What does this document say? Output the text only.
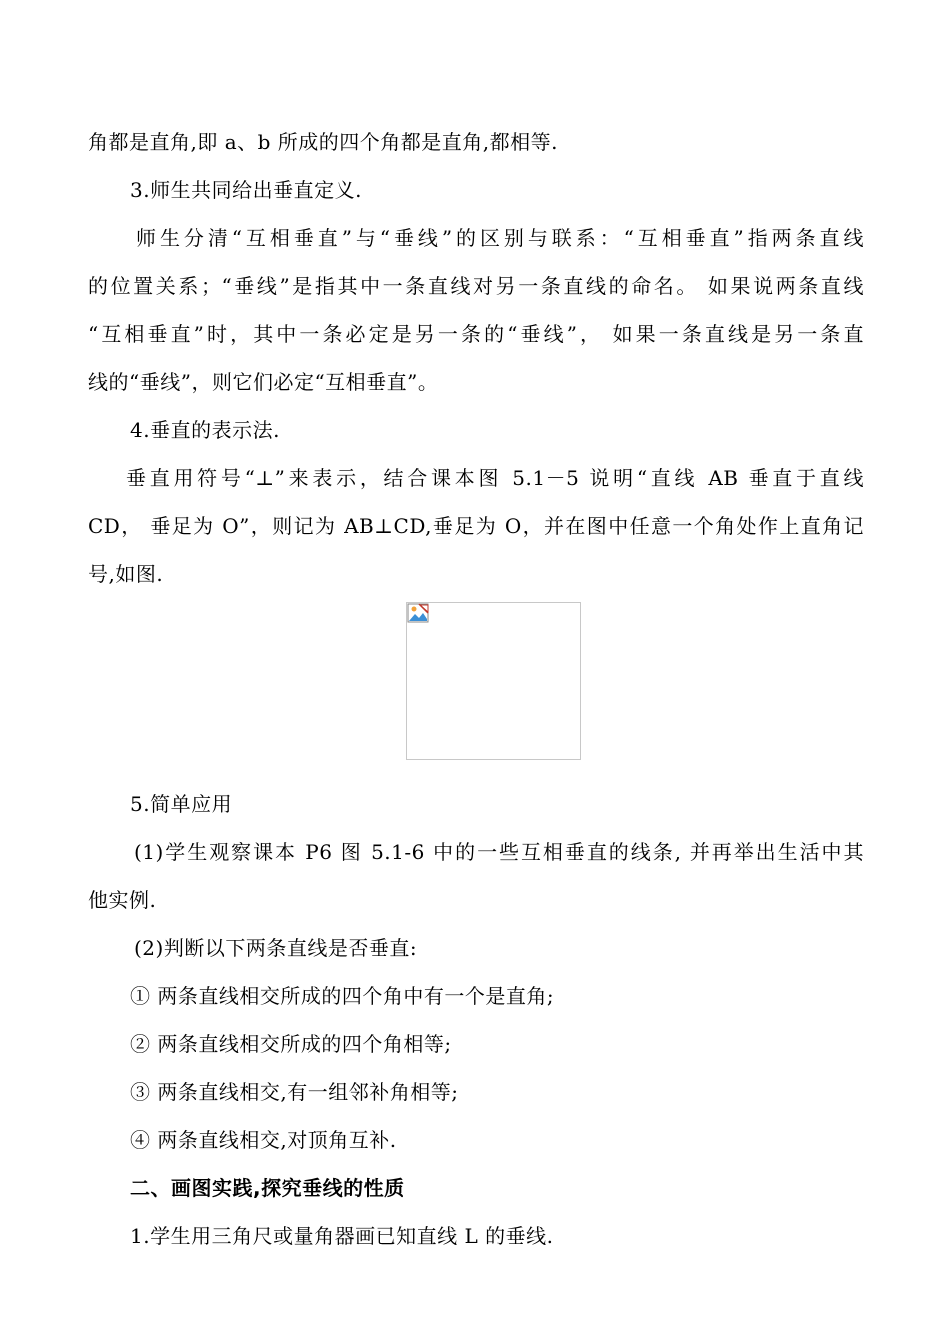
角都是直角,即 a、b 所成的四个角都是直角,都相等.
3.师生共同给出垂直定义.
师生分清“互相垂直”与“垂线”的区别与联系：“互相垂直”指两条直线
的位置关系；“垂线”是指其中一条直线对另一条直线的命名。 如果说两条直线
“互相垂直”时，其中一条必定是另一条的“垂线”， 如果一条直线是另一条直
线的“垂线”，则它们必定“互相垂直”。
4.垂直的表示法.
垂直用符号“⊥”来表示，结合课本图 5.1－5 说明“直线 AB 垂直于直线
CD， 垂足为 O”，则记为 AB⊥CD,垂足为 O，并在图中任意一个角处作上直角记
号,如图.
5.简单应用
(1)学生观察课本 P6 图 5.1-6 中的一些互相垂直的线条, 并再举出生活中其
他实例.
(2)判断以下两条直线是否垂直:
① 两条直线相交所成的四个角中有一个是直角;
② 两条直线相交所成的四个角相等;
③ 两条直线相交,有一组邻补角相等;
④ 两条直线相交,对顶角互补.
二、画图实践,探究垂线的性质
1.学生用三角尺或量角器画已知直线 L 的垂线.
